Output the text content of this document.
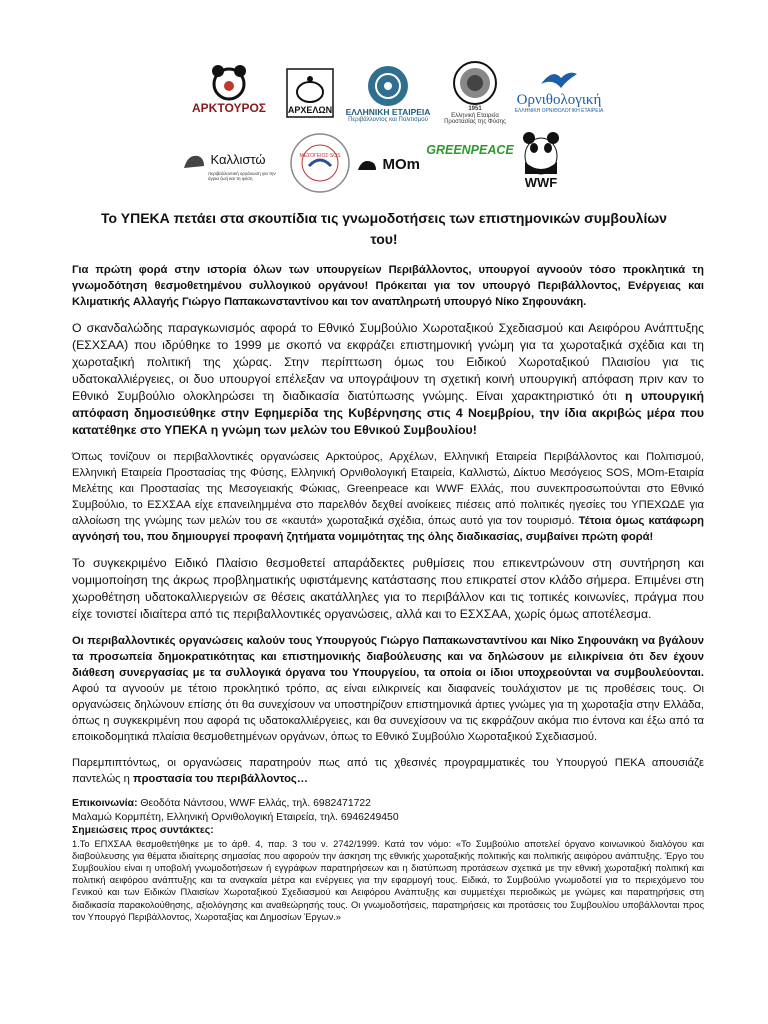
ΑΡΚΤΟΥΡΟΣ	ΑΡΧΕΛΩΝ	ΕΛΛΗΝΙΚΗ ΕΤΑΙΡΕΙΑ
Περιβάλλοντος και Πολιτισμού
1951
Ελληνική Εταιρεία Προστασίας της Φύσης
Ορνιθολογική
ΕΛΛΗΝΙΚΗ ΟΡΝΙΘΟΛΟΓΙΚΗ ΕΤΑΙΡΕΙΑ
Καλλιστώ
περιβαλλοντική οργάνωση για την άγρια ζωή και τη φύση
ΜΕΣΟΓΕΙΟΣ SOS	MOm
GREENPEACE
WWF
Το ΥΠΕΚΑ πετάει στα σκουπίδια τις γνωμοδοτήσεις των επιστημονικών συμβουλίων του!

Για πρώτη φορά στην ιστορία όλων των υπουργείων Περιβάλλοντος, υπουργοί αγνοούν τόσο προκλητικά τη γνωμοδότηση θεσμοθετημένου συλλογικού οργάνου! Πρόκειται για τον υπουργό Περιβάλλοντος, Ενέργειας και Κλιματικής Αλλαγής Γιώργο Παπακωνσταντίνου και τον αναπληρωτή υπουργό Νίκο Σηφουνάκη.

Ο σκανδαλώδης παραγκωνισμός αφορά το Εθνικό Συμβούλιο Χωροταξικού Σχεδιασμού και Αειφόρου Ανάπτυξης (ΕΣΧΣΑΑ) που ιδρύθηκε το 1999 με σκοπό να εκφράζει επιστημονική γνώμη για τα χωροταξικά σχέδια και τη χωροταξική πολιτική της χώρας. Στην περίπτωση όμως του Ειδικού Χωροταξικού Πλαισίου για τις υδατοκαλλιέργειες, οι δυο υπουργοί επέλεξαν να υπογράψουν τη σχετική κοινή υπουργική απόφαση πριν καν το Εθνικό Συμβούλιο ολοκληρώσει τη διαδικασία διατύπωσης γνώμης. Είναι χαρακτηριστικό ότι η υπουργική απόφαση δημοσιεύθηκε στην Εφημερίδα της Κυβέρνησης στις 4 Νοεμβρίου, την ίδια ακριβώς μέρα που κατατέθηκε στο ΥΠΕΚΑ η γνώμη των μελών του Εθνικού Συμβουλίου!

Όπως τονίζουν οι περιβαλλοντικές οργανώσεις Αρκτούρος, Αρχέλων, Ελληνική Εταιρεία Περιβάλλοντος και Πολιτισμού, Ελληνική Εταιρεία Προστασίας της Φύσης, Ελληνική Ορνιθολογική Εταιρεία, Καλλιστώ, Δίκτυο Μεσόγειος SOS, MOm-Εταιρία Μελέτης και Προστασίας της Μεσογειακής Φώκιας, Greenpeace και WWF Ελλάς, που συνεκπροσωπούνται στο Εθνικό Συμβούλιο, το ΕΣΧΣΑΑ είχε επανειλημμένα στο παρελθόν δεχθεί ανοίκειες πιέσεις από πολιτικές ηγεσίες του ΥΠΕΧΩΔΕ για αλλοίωση της γνώμης των μελών του σε «καυτά» χωροταξικά σχέδια, όπως αυτό για τον τουρισμό. Τέτοια όμως κατάφωρη αγνόησή του, που δημιουργεί προφανή ζητήματα νομιμότητας της όλης διαδικασίας, συμβαίνει πρώτη φορά!

Το συγκεκριμένο Ειδικό Πλαίσιο θεσμοθετεί απαράδεκτες ρυθμίσεις που επικεντρώνουν στη συντήρηση και νομιμοποίηση της άκρως προβληματικής υφιστάμενης κατάστασης που επικρατεί στον κλάδο σήμερα. Επιμένει στη χωροθέτηση υδατοκαλλιεργειών σε θέσεις ακατάλληλες για το περιβάλλον και τις τοπικές κοινωνίες, πράγμα που είχε τονιστεί ιδιαίτερα από τις περιβαλλοντικές οργανώσεις, αλλά και το ΕΣΧΣΑΑ, χωρίς όμως αποτέλεσμα.

Οι περιβαλλοντικές οργανώσεις καλούν τους Υπουργούς Γιώργο Παπακωνσταντίνου και Νίκο Σηφουνάκη να βγάλουν τα προσωπεία δημοκρατικότητας και επιστημονικής διαβούλευσης και να δηλώσουν με ειλικρίνεια ότι δεν έχουν διάθεση συνεργασίας με τα συλλογικά όργανα του Υπουργείου, τα οποία οι ίδιοι υποχρεούνται να συμβουλεύονται. Αφού τα αγνοούν με τέτοιο προκλητικό τρόπο, ας είναι ειλικρινείς και διαφανείς τουλάχιστον με τις προθέσεις τους. Οι οργανώσεις δηλώνουν επίσης ότι θα συνεχίσουν να υποστηρίζουν επιστημονικά άρτιες γνώμες για τη χωροταξία στην Ελλάδα, όπως η συγκεκριμένη που αφορά τις υδατοκαλλιέργειες, και θα συνεχίσουν να τις εκφράζουν ακόμα πιο έντονα και έξω από τα εποικοδομητικά πλαίσια θεσμοθετημένων οργάνων, όπως το Εθνικό Συμβούλιο Χωροταξικού Σχεδιασμού.

Παρεμπιπτόντως, οι οργανώσεις παρατηρούν πως από τις χθεσινές προγραμματικές του Υπουργού ΠΕΚΑ απουσιάζε παντελώς η προστασία του περιβάλλοντος…

Επικοινωνία: Θεοδότα Νάντσου, WWF Ελλάς, τηλ. 6982471722
Μαλαμώ Κορμπέτη, Ελληνική Ορνιθολογική Εταιρεία, τηλ. 6946249450
Σημειώσεις προς συντάκτες:
1.Το ΕΠΧΣΑΑ θεσμοθετήθηκε με το άρθ. 4, παρ. 3 του ν. 2742/1999. Κατά τον νόμο: «Το Συμβούλιο αποτελεί όργανο κοινωνικού διαλόγου και διαβούλευσης για θέματα ιδιαίτερης σημασίας που αφορούν την άσκηση της εθνικής χωροταξικής πολιτικής και πολιτικής αειφόρου ανάπτυξης. Έργο του Συμβουλίου είναι η υποβολή γνωμοδοτήσεων ή εγγράφων παρατηρήσεων και η διατύπωση προτάσεων σχετικά με την εθνική χωροταξική πολιτική και πολιτική αειφόρου ανάπτυξης και τα αναγκαία μέτρα και ενέργειες για την εφαρμογή τους. Ειδικά, το Συμβούλιο γνωμοδοτεί για το περιεχόμενο του Γενικού και των Ειδικών Πλαισίων Χωροταξικού Σχεδιασμού και Αειφόρου Ανάπτυξης και συμμετέχει περιοδικώς με γνώμες και παρατηρήσεις στη διαδικασία παρακολούθησης, αξιολόγησης και αναθεώρησής τους. Οι γνωμοδοτήσεις, παρατηρήσεις και προτάσεις του Συμβουλίου υποβάλλονται προς τον Υπουργό Περιβάλλοντος, Χωροταξίας και Δημοσίων Έργων.»
